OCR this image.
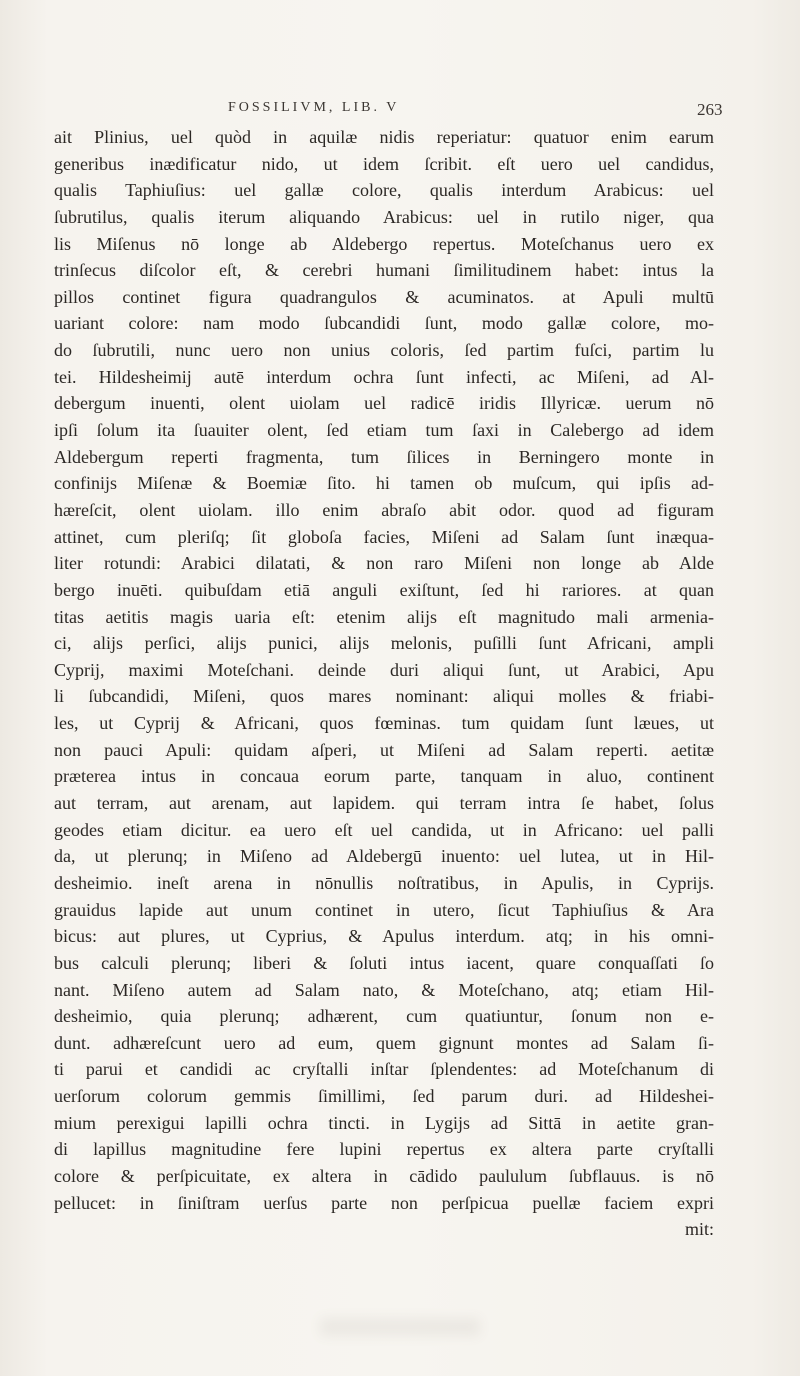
FOSSILIVM, LIB. V	263
ait Plinius, uel quòd in aquilæ nidis reperiatur: quatuor enim earum
generibus inædificatur nido, ut idem ſcribit. eſt uero uel candidus,
qualis Taphiuſius: uel gallæ colore, qualis interdum Arabicus: uel
ſubrutilus, qualis iterum aliquando Arabicus: uel in rutilo niger, qua
lis Miſenus nō longe ab Aldebergo repertus. Moteſchanus uero ex
trinſecus diſcolor eſt, & cerebri humani ſimilitudinem habet: intus la
pillos continet figura quadrangulos & acuminatos. at Apuli multū
uariant colore: nam modo ſubcandidi ſunt, modo gallæ colore, mo-
do ſubrutili, nunc uero non unius coloris, ſed partim fuſci, partim lu
tei. Hildesheimij autē interdum ochra ſunt infecti, ac Miſeni, ad Al-
debergum inuenti, olent uiolam uel radicē iridis Illyricæ. uerum nō
ipſi ſolum ita ſuauiter olent, ſed etiam tum ſaxi in Calebergo ad idem
Aldebergum reperti fragmenta, tum ſilices in Berningero monte in
confinijs Miſenæ & Boemiæ ſito. hi tamen ob muſcum, qui ipſis ad-
hæreſcit, olent uiolam. illo enim abraſo abit odor. quod ad figuram
attinet, cum pleriſq; ſit globoſa facies, Miſeni ad Salam ſunt inæqua-
liter rotundi: Arabici dilatati, & non raro Miſeni non longe ab Alde
bergo inuēti. quibuſdam etiā anguli exiſtunt, ſed hi rariores. at quan
titas aetitis magis uaria eſt: etenim alijs eſt magnitudo mali armenia-
ci, alijs perſici, alijs punici, alijs melonis, puſilli ſunt Africani, ampli
Cyprij, maximi Moteſchani. deinde duri aliqui ſunt, ut Arabici, Apu
li ſubcandidi, Miſeni, quos mares nominant: aliqui molles & friabi-
les, ut Cyprij & Africani, quos fœminas. tum quidam ſunt læues, ut
non pauci Apuli: quidam aſperi, ut Miſeni ad Salam reperti. aetitæ
præterea intus in concaua eorum parte, tanquam in aluo, continent
aut terram, aut arenam, aut lapidem. qui terram intra ſe habet, ſolus
geodes etiam dicitur. ea uero eſt uel candida, ut in Africano: uel palli
da, ut plerunq; in Miſeno ad Aldebergū inuento: uel lutea, ut in Hil-
desheimio. ineſt arena in nōnullis noſtratibus, in Apulis, in Cyprijs.
grauidus lapide aut unum continet in utero, ſicut Taphiuſius & Ara
bicus: aut plures, ut Cyprius, & Apulus interdum. atq; in his omni-
bus calculi plerunq; liberi & ſoluti intus iacent, quare conquaſſati ſo
nant. Miſeno autem ad Salam nato, & Moteſchano, atq; etiam Hil-
desheimio, quia plerunq; adhærent, cum quatiuntur, ſonum non e-
dunt. adhæreſcunt uero ad eum, quem gignunt montes ad Salam ſi-
ti parui et candidi ac cryſtalli inſtar ſplendentes: ad Moteſchanum di
uerſorum colorum gemmis ſimillimi, ſed parum duri. ad Hildeshei-
mium perexigui lapilli ochra tincti. in Lygijs ad Sittā in aetite gran-
di lapillus magnitudine fere lupini repertus ex altera parte cryſtalli
colore & perſpicuitate, ex altera in cādido paululum ſubflauus. is nō
pellucet: in ſiniſtram uerſus parte non perſpicua puellæ faciem expri
mit:
